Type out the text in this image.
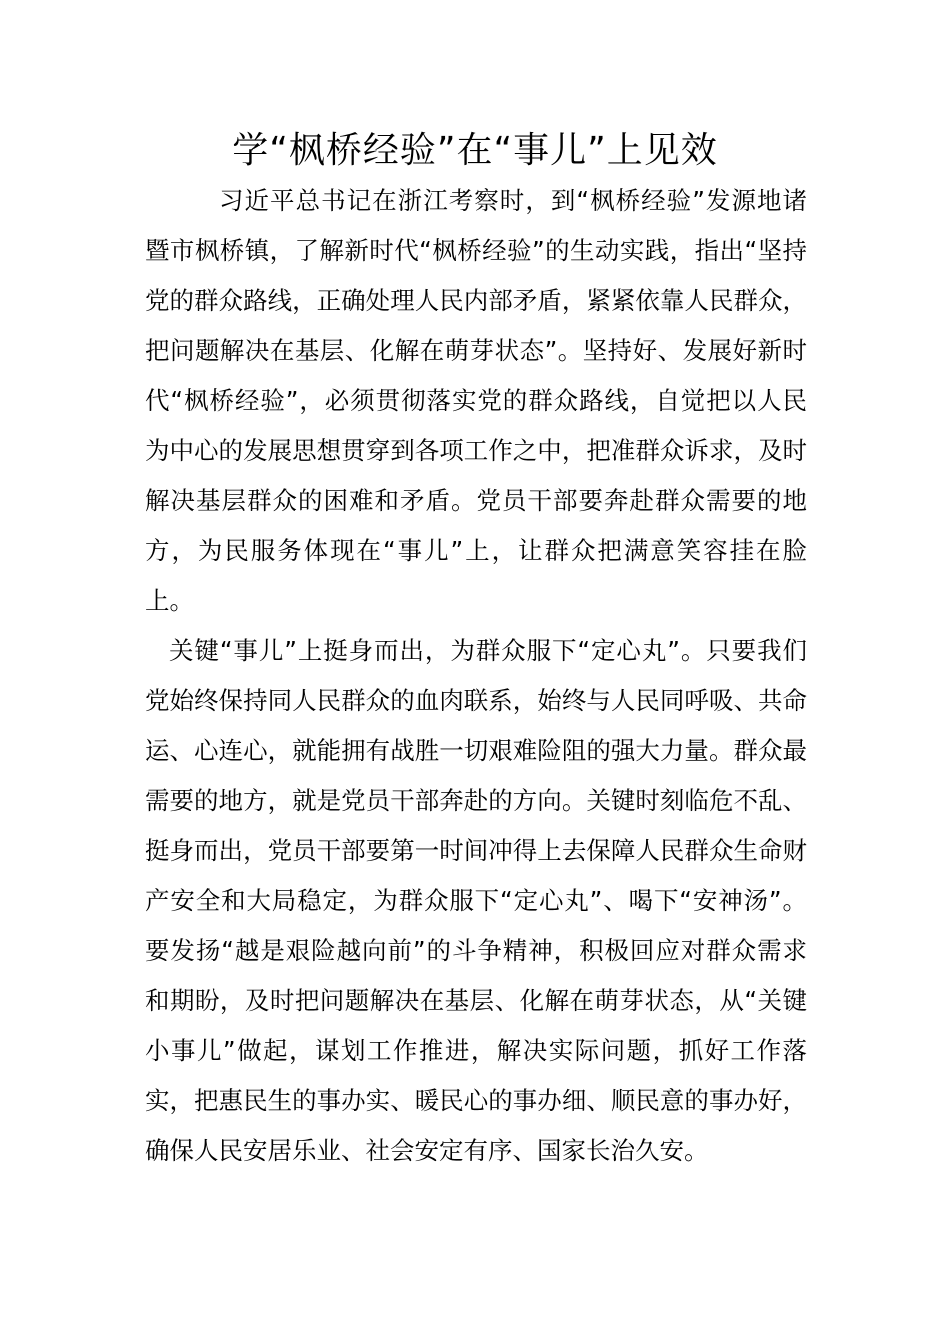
学“枫桥经验”在“事儿”上见效

习近平总书记在浙江考察时，到“枫桥经验”发源地诸暨市枫桥镇，了解新时代“枫桥经验”的生动实践，指出“坚持党的群众路线，正确处理人民内部矛盾，紧紧依靠人民群众，把问题解决在基层、化解在萌芽状态”。坚持好、发展好新时代“枫桥经验”，必须贯彻落实党的群众路线，自觉把以人民为中心的发展思想贯穿到各项工作之中，把准群众诉求，及时解决基层群众的困难和矛盾。党员干部要奔赴群众需要的地方，为民服务体现在“事儿”上，让群众把满意笑容挂在脸上。

关键“事儿”上挺身而出，为群众服下“定心丸”。只要我们党始终保持同人民群众的血肉联系，始终与人民同呼吸、共命运、心连心，就能拥有战胜一切艰难险阻的强大力量。群众最需要的地方，就是党员干部奔赴的方向。关键时刻临危不乱、挺身而出，党员干部要第一时间冲得上去保障人民群众生命财产安全和大局稳定，为群众服下“定心丸”、喝下“安神汤”。要发扬“越是艰险越向前”的斗争精神，积极回应对群众需求和期盼，及时把问题解决在基层、化解在萌芽状态，从“关键小事儿”做起，谋划工作推进，解决实际问题，抓好工作落实，把惠民生的事办实、暖民心的事办细、顺民意的事办好，确保人民安居乐业、社会安定有序、国家长治久安。
